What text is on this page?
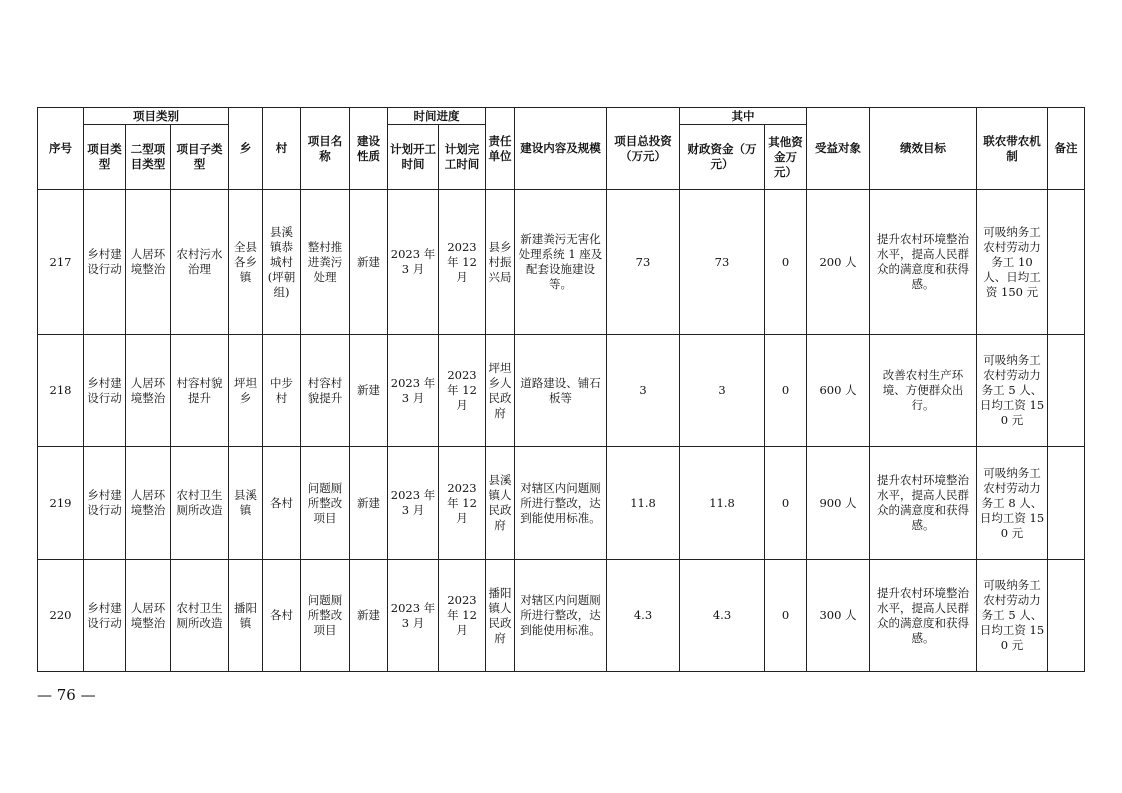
序号	项目类别			乡	村	项目名称	建设性质	时间进度		责任单位	建设内容及规模	项目总投资（万元）	其中		受益对象	绩效目标	联农带农机制	备注
	项目类型	二型项目类型	项目子类型					计划开工时间	计划完工时间				财政资金（万元）	其他资金万元）				
217	乡村建设行动	人居环境整治	农村污水治理	全县各乡镇	县溪镇恭城村(坪朝组)	整村推进粪污处理	新建	2023 年 3 月	2023 年 12 月	县乡村振兴局	新建粪污无害化处理系统 1 座及配套设施建设等。	73	73	0	200 人	提升农村环境整治水平，提高人民群众的满意度和获得感。	可吸纳务工农村劳动力务工 10 人、日均工资 150 元	
218	乡村建设行动	人居环境整治	村容村貌提升	坪坦乡	中步村	村容村貌提升	新建	2023 年 3 月	2023 年 12 月	坪坦乡人民政府	道路建设、铺石板等	3	3	0	600 人	改善农村生产环境、方便群众出行。	可吸纳务工农村劳动力务工 5 人、日均工资 150 元	
219	乡村建设行动	人居环境整治	农村卫生厕所改造	县溪镇	各村	问题厕所整改项目	新建	2023 年 3 月	2023 年 12 月	县溪镇人民政府	对辖区内问题厕所进行整改，达到能使用标准。	11.8	11.8	0	900 人	提升农村环境整治水平，提高人民群众的满意度和获得感。	可吸纳务工农村劳动力务工 8 人、日均工资 150 元	
220	乡村建设行动	人居环境整治	农村卫生厕所改造	播阳镇	各村	问题厕所整改项目	新建	2023 年 3 月	2023 年 12 月	播阳镇人民政府	对辖区内问题厕所进行整改，达到能使用标准。	4.3	4.3	0	300 人	提升农村环境整治水平，提高人民群众的满意度和获得感。	可吸纳务工农村劳动力务工 5 人、日均工资 150 元	
— 76 —
